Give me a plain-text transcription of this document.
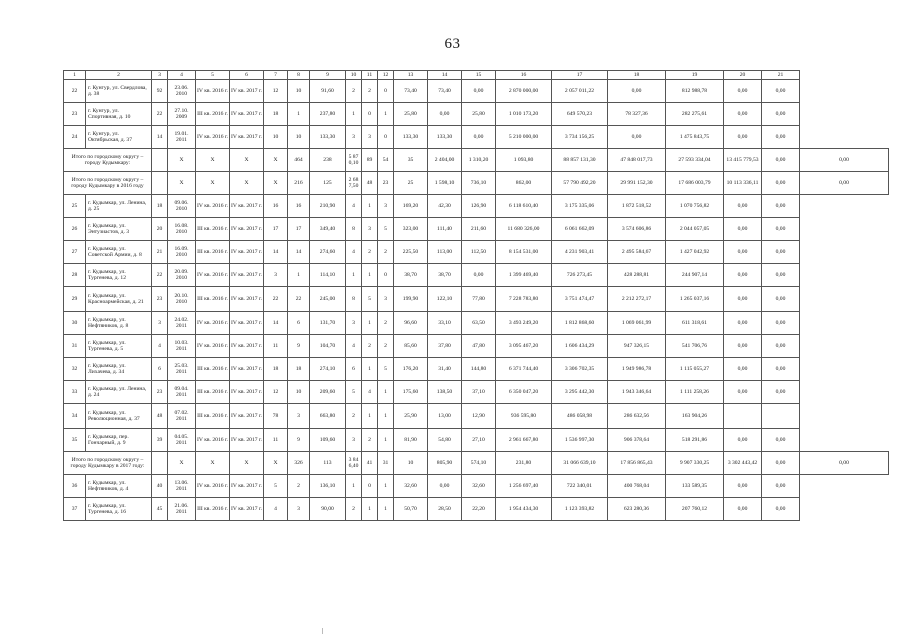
63
1	2	3	4	5	6	7	8	9	10	11	12	13	14	15	16	17	18	19	20	21	
22	г. Кунгур, ул. Свердлова, д. 38	92	23.06. 2010	IV кв. 2016 г.	IV кв. 2017 г.	12	10	91,60	2	2	0	73,40	73,40	0,00	2 870 000,00	2 057 011,22	0,00	812 988,78	0,00	0,00	
23	г. Кунгур, ул. Спортивная, д. 10	22	27.10. 2009	III кв. 2016 г.	IV кв. 2017 г.	18	1	237,80	1	0	1	25,80	0,00	25,80	1 010 173,20	649 570,23	78 327,36	282 275,61	0,00	0,00	
24	г. Кунгур, ул. Октябрьская, д. 37	14	19.01. 2011	IV кв. 2016 г.	IV кв. 2017 г.	10	10	133,30	3	3	0	133,30	133,30	0,00	5 210 000,00	3 734 156,25	0,00	1 475 843,75	0,00	0,00	
Итого по городскому округу – городу Кудымкару:			X	X	X	X	464	238	5 870,10	89	54	35	2 404,00	1 310,20	1 093,80	88 857 131,30	47 848 017,73	27 593 334,04	13 415 779,53	0,00	0,00
Итого по городскому округу – городу Кудымкару в 2016 году			X	X	X	X	216	125	2 687,50	48	23	25	1 598,10	736,10	862,00	57 790 492,20	29 991 152,30	17 686 003,79	10 113 336,11	0,00	0,00
25	г. Кудымкар, ул. Ленина, д. 25	18	09.06. 2010	IV кв. 2016 г.	IV кв. 2017 г.	16	16	210,90	4	1	3	169,20	42,30	126,90	6 118 610,40	3 175 335,06	1 872 518,52	1 070 756,82	0,00	0,00	
26	г. Кудымкар, ул. Энтузиастов, д. 3	20	16.08. 2010	III кв. 2016 г.	IV кв. 2017 г.	17	17	349,40	8	3	5	323,00	111,40	211,60	11 680 326,00	6 061 662,09	3 574 606,86	2 044 057,05	0,00	0,00	
27	г. Кудымкар, ул. Советской Армии, д. 8	21	16.09. 2010	III кв. 2016 г.	IV кв. 2017 г.	14	14	274,60	4	2	2	225,50	113,00	112,50	8 154 531,00	4 231 903,41	2 495 584,67	1 427 042,92	0,00	0,00	
28	г. Кудымкар, ул. Тургенева, д. 12	22	20.09. 2010	IV кв. 2016 г.	IV кв. 2017 г.	3	1	114,10	1	1	0	38,70	38,70	0,00	1 399 469,40	726 273,45	428 288,81	244 907,14	0,00	0,00	
29	г. Кудымкар, ул. Красноармейская, д. 21	23	20.10. 2010	III кв. 2016 г.	IV кв. 2017 г.	22	22	245,00	8	5	3	199,90	122,10	77,80	7 228 783,80	3 751 474,47	2 212 272,17	1 265 037,16	0,00	0,00	
30	г. Кудымкар, ул. Нефтяников, д. 8	3	24.02. 2011	IV кв. 2016 г.	IV кв. 2017 г.	14	6	131,70	3	1	2	96,60	33,10	63,50	3 493 249,20	1 812 868,60	1 069 061,99	611 318,61	0,00	0,00	
31	г. Кудымкар, ул. Тургенева, д. 5	4	10.03. 2011	IV кв. 2016 г.	IV кв. 2017 г.	11	9	104,70	4	2	2	85,60	37,80	47,80	3 095 467,20	1 606 434,29	947 326,15	541 706,76	0,00	0,00	
32	г. Кудымкар, ул. Лихачева, д. 34	6	25.03. 2011	III кв. 2016 г.	IV кв. 2017 г.	18	18	274,10	6	1	5	176,20	31,40	144,80	6 371 744,40	3 306 702,35	1 949 986,78	1 115 055,27	0,00	0,00	
33	г. Кудымкар, ул. Ленина, д. 24	23	09.04. 2011	III кв. 2016 г.	IV кв. 2017 г.	12	10	209,60	5	4	1	175,60	138,50	37,10	6 350 047,20	3 295 442,30	1 943 346,64	1 111 258,26	0,00	0,00	
34	г. Кудымкар, ул. Революционная, д. 37	48	07.02. 2011	III кв. 2016 г.	IV кв. 2017 г.	78	3	663,80	2	1	1	25,90	13,00	12,90	936 595,80	486 058,98	286 632,56	163 904,26			
35	г. Кудымкар, пер. Гончарный, д. 9	39	04.05. 2011	IV кв. 2016 г.	IV кв. 2017 г.	11	9	109,60	3	2	1	81,90	54,80	27,10	2 961 667,80	1 536 997,30	906 378,64	518 291,86	0,00	0,00	
Итого по городскому округу – городу Кудымкару в 2017 году:			X	X	X	X	326	113	3 846,40	41	31	10	805,90	574,10	231,80	31 066 639,10	17 856 865,43	9 907 330,25	3 302 443,42	0,00	0,00
36	г. Кудымкар, ул. Нефтяников, д. 4	40	13.06. 2011	IV кв. 2016 г.	IV кв. 2017 г.	5	2	136,10	1	0	1	32,60	0,00	32,60	1 256 697,40	722 340,01	400 768,04	133 589,35	0,00	0,00	
37	г. Кудымкар, ул. Тургенева, д. 16	45	21.06. 2011	III кв. 2016 г.	IV кв. 2017 г.	4	3	90,00	2	1	1	50,70	28,50	22,20	1 954 434,30	1 123 393,82	623 280,36	207 760,12	0,00	0,00	
